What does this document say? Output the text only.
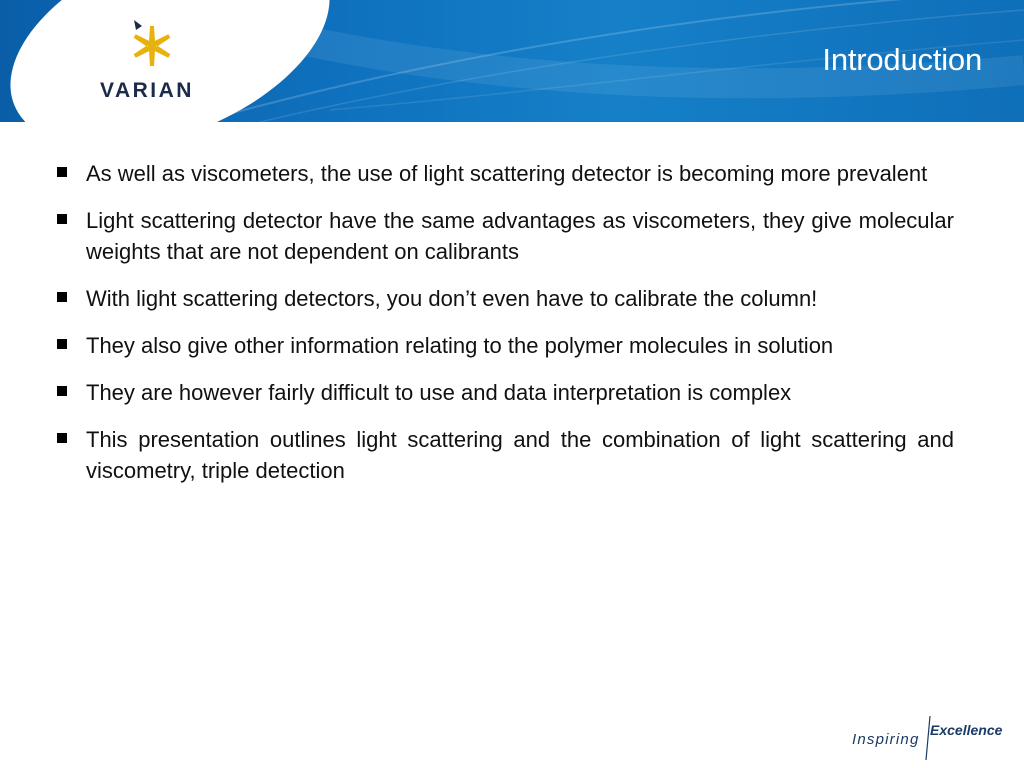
VARIAN
Introduction
As well as viscometers, the use of light scattering detector is becoming more prevalent
Light scattering detector have the same advantages as viscometers, they give molecular weights that are not dependent on calibrants
With light scattering detectors, you don’t even have to calibrate the column!
They also give other information relating to the polymer molecules in solution
They are however fairly difficult to use and data interpretation is complex
This presentation outlines light scattering and the combination of light scattering and viscometry, triple detection
Inspiring
Excellence
